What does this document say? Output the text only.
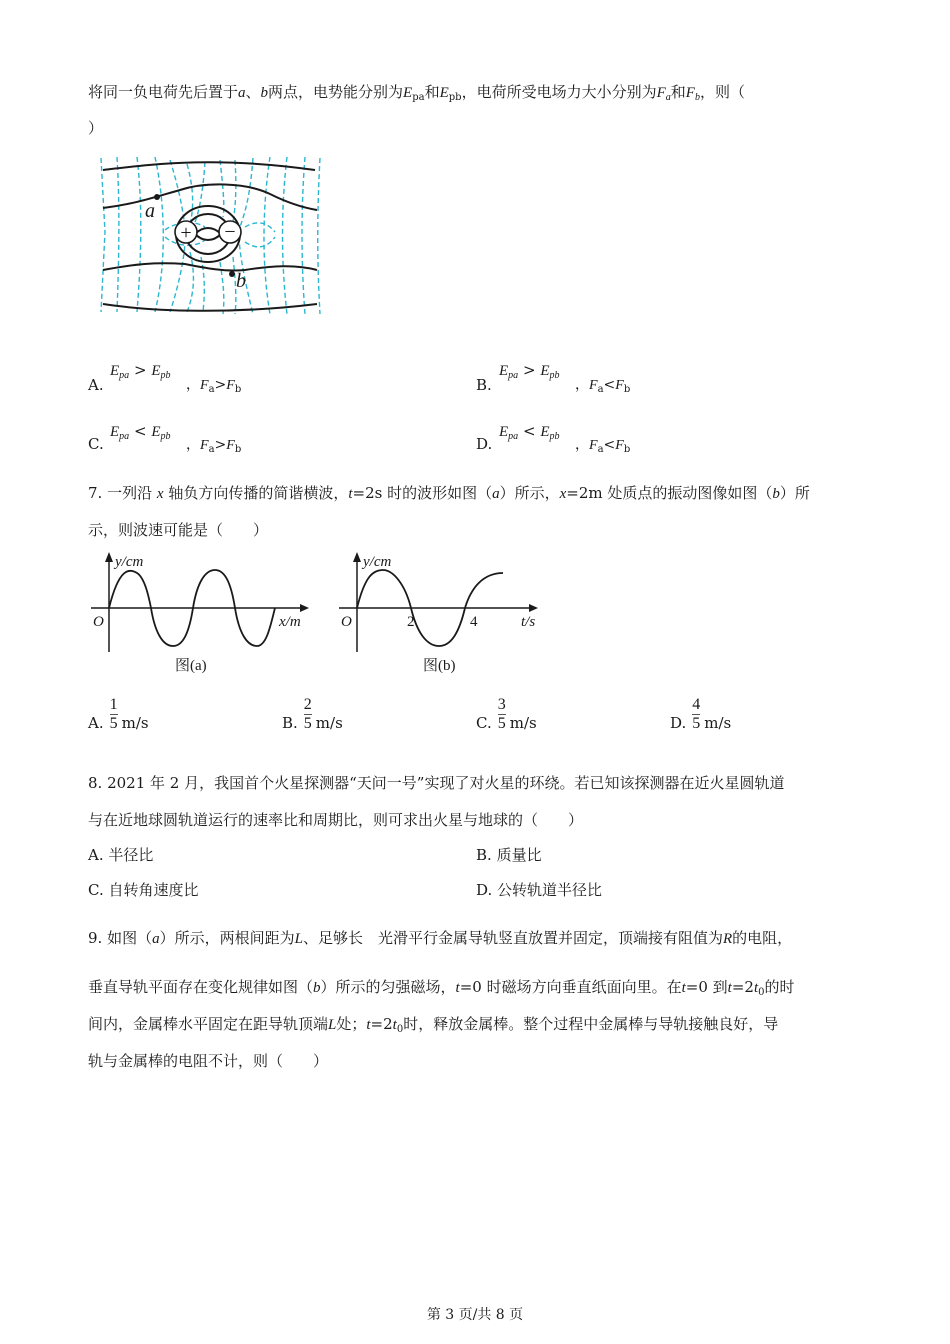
将同一负电荷先后置于a、b两点，电势能分别为$E_{pa}$和$E_{pb}$，电荷所受电场力大小分别为$F_a$和$F_b$，则（
）
+ −
a
b
A.
$E_{pa} > E_{pb}$
，$F_a>F_b$	B.
$E_{pa} > E_{pb}$
，$F_a<F_b$
C.
$E_{pa} < E_{pb}$
，$F_a>F_b$	D.
$E_{pa} < E_{pb}$
，$F_a<F_b$
7. 一列沿 x 轴负方向传播的简谐横波，t=2s 时的波形如图（a）所示，x=2m 处质点的振动图像如图（b）所
示，则波速可能是（　　）
y/cm
x/m
O
图(a)
y/cm
t/s
O	2	4
图(b)
A. $\frac{1}{5} m/s$	B. $\frac{2}{5} m/s$	C. $\frac{3}{5} m/s$	D. $\frac{4}{5} m/s$
8. 2021 年 2 月，我国首个火星探测器“天问一号”实现了对火星的环绕。若已知该探测器在近火星圆轨道
与在近地球圆轨道运行的速率比和周期比，则可求出火星与地球的（　　）
A. 半径比	B. 质量比
C. 自转角速度比	D. 公转轨道半径比
9. 如图（a）所示，两根间距为L、足够长　光滑平行金属导轨竖直放置并固定，顶端接有阻值为R的电阻，
垂直导轨平面存在变化规律如图（b）所示的匀强磁场，t=0 时磁场方向垂直纸面向里。在t=0 到$t=2t_0$的时
间内，金属棒水平固定在距导轨顶端L处；$t=2t_0$时，释放金属棒。整个过程中金属棒与导轨接触良好，导
轨与金属棒的电阻不计，则（　　）
第 3 页/共 8 页
